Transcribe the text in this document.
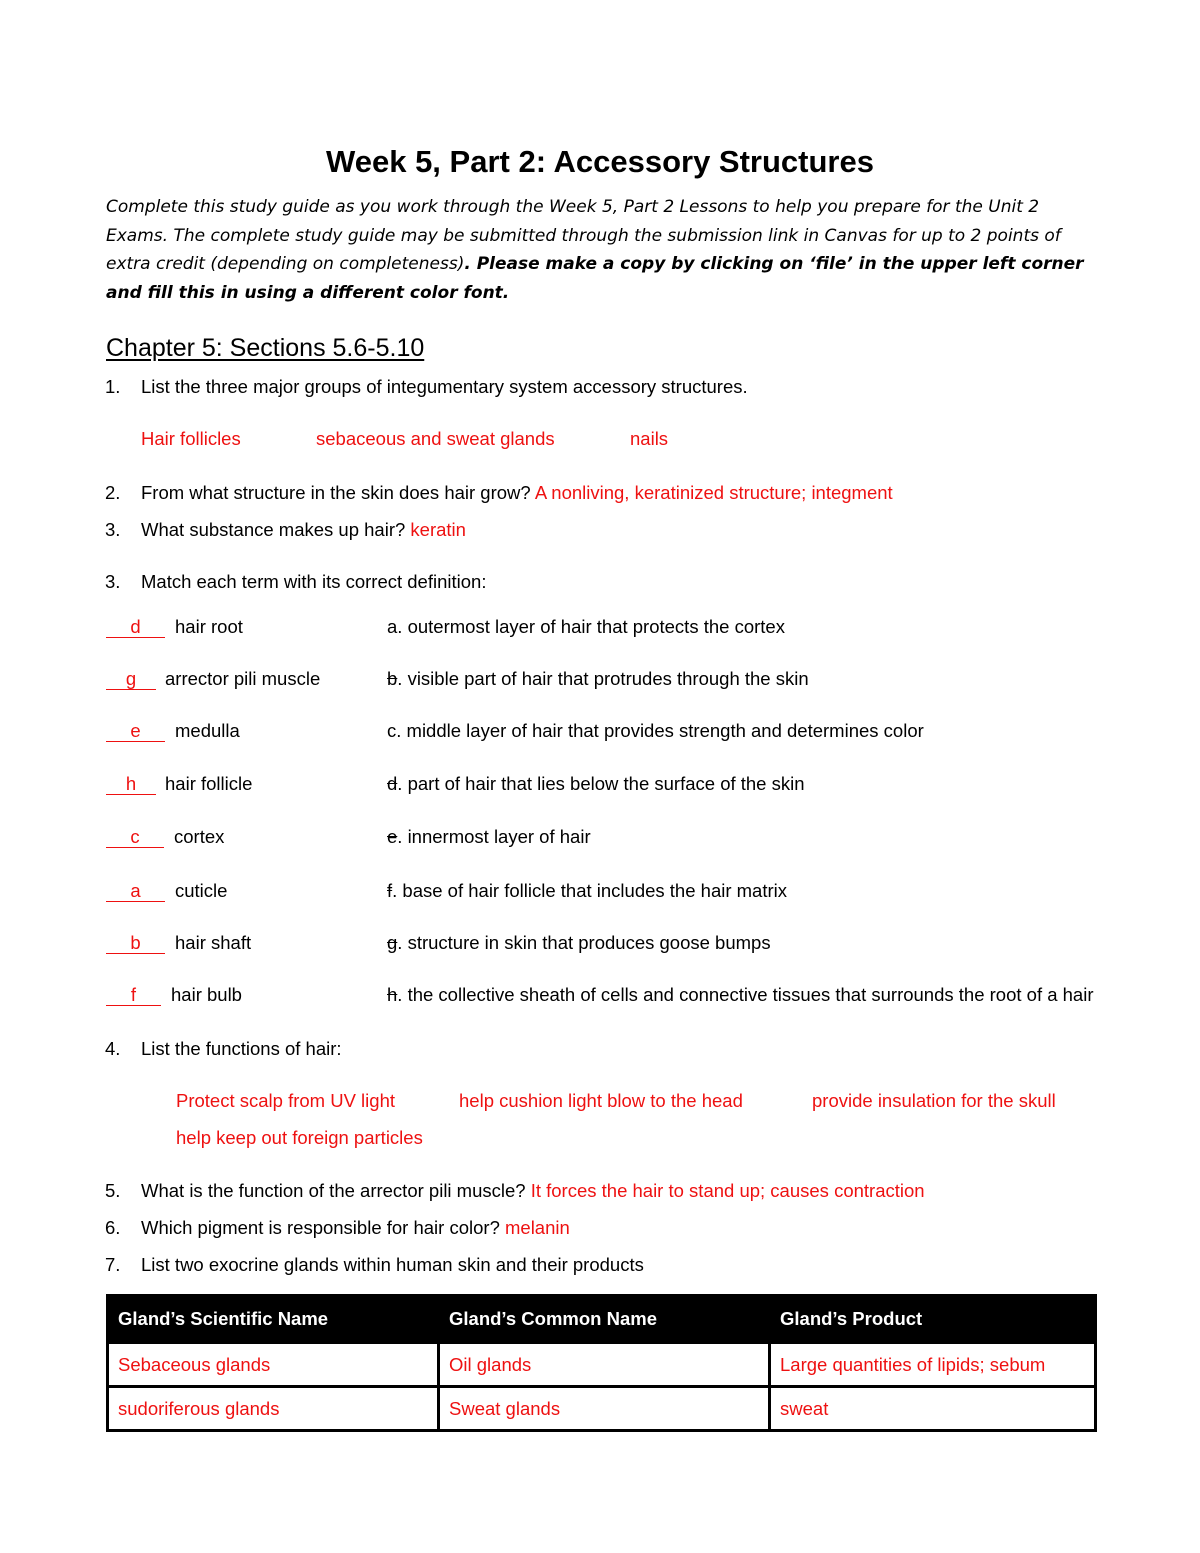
Week 5, Part 2: Accessory Structures
Complete this study guide as you work through the Week 5, Part 2 Lessons to help you prepare for the Unit 2 Exams. The complete study guide may be submitted through the submission link in Canvas for up to 2 points of extra credit (depending on completeness). Please make a copy by clicking on ‘file’ in the upper left corner and fill this in using a different color font.
Chapter 5: Sections 5.6-5.10
1. List the three major groups of integumentary system accessory structures.
Hair follicles	sebaceous and sweat glands	nails
2. From what structure in the skin does hair grow? A nonliving, keratinized structure; integment
3. What substance makes up hair? keratin
3. Match each term with its correct definition:
d	hair root	a. outermost layer of hair that protects the cortex
g	arrector pili muscle	b. visible part of hair that protrudes through the skin
e	medulla	c. middle layer of hair that provides strength and determines color
h	hair follicle	d. part of hair that lies below the surface of the skin
c	cortex	e. innermost layer of hair
a	cuticle	f. base of hair follicle that includes the hair matrix
b	hair shaft	g. structure in skin that produces goose bumps
f	hair bulb	h. the collective sheath of cells and connective tissues that surrounds the root of a hair
4. List the functions of hair:
Protect scalp from UV light	help cushion light blow to the head	provide insulation for the skull
help keep out foreign particles
5. What is the function of the arrector pili muscle? It forces the hair to stand up; causes contraction
6. Which pigment is responsible for hair color? melanin
7. List two exocrine glands within human skin and their products
Gland’s Scientific Name	Gland’s Common Name	Gland’s Product
Sebaceous glands	Oil glands	Large quantities of lipids; sebum
sudoriferous glands	Sweat glands	sweat
